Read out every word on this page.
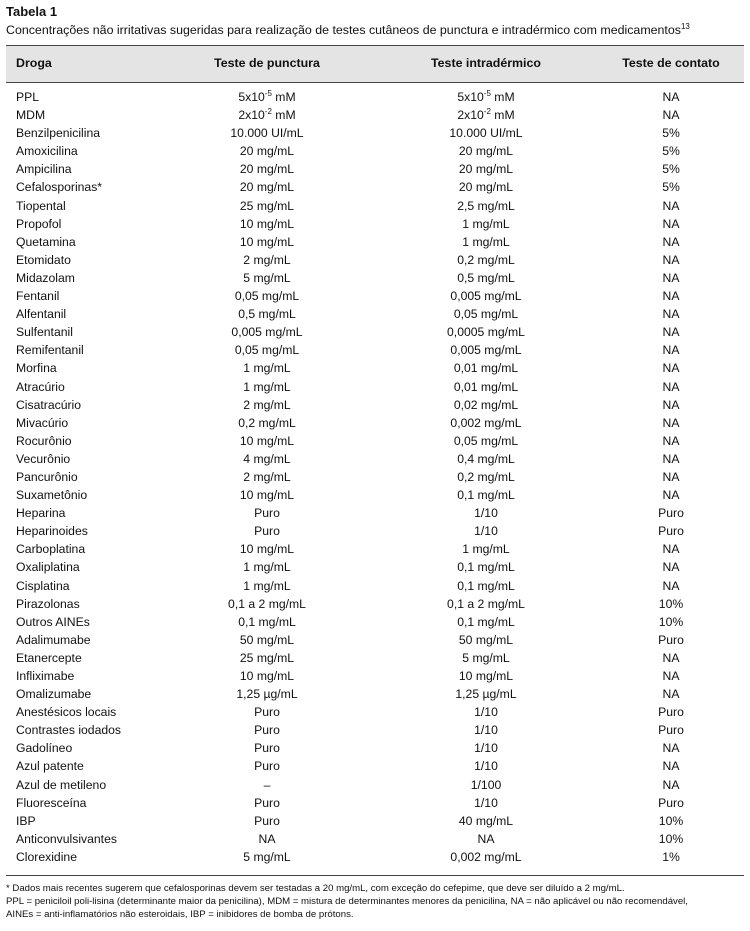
Tabela 1
Concentrações não irritativas sugeridas para realização de testes cutâneos de punctura e intradérmico com medicamentos$^{13}$
Droga	Teste de punctura	Teste intradérmico	Teste de contato
PPL	$5x10^{-5}$ mM	$5x10^{-5}$ mM	NA
MDM	$2x10^{-2}$ mM	$2x10^{-2}$ mM	NA
Benzilpenicilina	10.000 UI/mL	10.000 UI/mL	5%
Amoxicilina	20 mg/mL	20 mg/mL	5%
Ampicilina	20 mg/mL	20 mg/mL	5%
Cefalosporinas*	20 mg/mL	20 mg/mL	5%
Tiopental	25 mg/mL	2,5 mg/mL	NA
Propofol	10 mg/mL	1 mg/mL	NA
Quetamina	10 mg/mL	1 mg/mL	NA
Etomidato	2 mg/mL	0,2 mg/mL	NA
Midazolam	5 mg/mL	0,5 mg/mL	NA
Fentanil	0,05 mg/mL	0,005 mg/mL	NA
Alfentanil	0,5 mg/mL	0,05 mg/mL	NA
Sulfentanil	0,005 mg/mL	0,0005 mg/mL	NA
Remifentanil	0,05 mg/mL	0,005 mg/mL	NA
Morfina	1 mg/mL	0,01 mg/mL	NA
Atracúrio	1 mg/mL	0,01 mg/mL	NA
Cisatracúrio	2 mg/mL	0,02 mg/mL	NA
Mivacúrio	0,2 mg/mL	0,002 mg/mL	NA
Rocurônio	10 mg/mL	0,05 mg/mL	NA
Vecurônio	4 mg/mL	0,4 mg/mL	NA
Pancurônio	2 mg/mL	0,2 mg/mL	NA
Suxametônio	10 mg/mL	0,1 mg/mL	NA
Heparina	Puro	1/10	Puro
Heparinoides	Puro	1/10	Puro
Carboplatina	10 mg/mL	1 mg/mL	NA
Oxaliplatina	1 mg/mL	0,1 mg/mL	NA
Cisplatina	1 mg/mL	0,1 mg/mL	NA
Pirazolonas	0,1 a 2 mg/mL	0,1 a 2 mg/mL	10%
Outros AINEs	0,1 mg/mL	0,1 mg/mL	10%
Adalimumabe	50 mg/mL	50 mg/mL	Puro
Etanercepte	25 mg/mL	5 mg/mL	NA
Infliximabe	10 mg/mL	10 mg/mL	NA
Omalizumabe	1,25 µg/mL	1,25 µg/mL	NA
Anestésicos locais	Puro	1/10	Puro
Contrastes iodados	Puro	1/10	Puro
Gadolíneo	Puro	1/10	NA
Azul patente	Puro	1/10	NA
Azul de metileno	–	1/100	NA
Fluoresceína	Puro	1/10	Puro
IBP	Puro	40 mg/mL	10%
Anticonvulsivantes	NA	NA	10%
Clorexidine	5 mg/mL	0,002 mg/mL	1%
* Dados mais recentes sugerem que cefalosporinas devem ser testadas a 20 mg/mL, com exceção do cefepime, que deve ser diluído a 2 mg/mL.
PPL = peniciloil poli-lisina (determinante maior da penicilina), MDM = mistura de determinantes menores da penicilina, NA = não aplicável ou não recomendável,
AINEs = anti-inflamatórios não esteroidais, IBP = inibidores de bomba de prótons.
